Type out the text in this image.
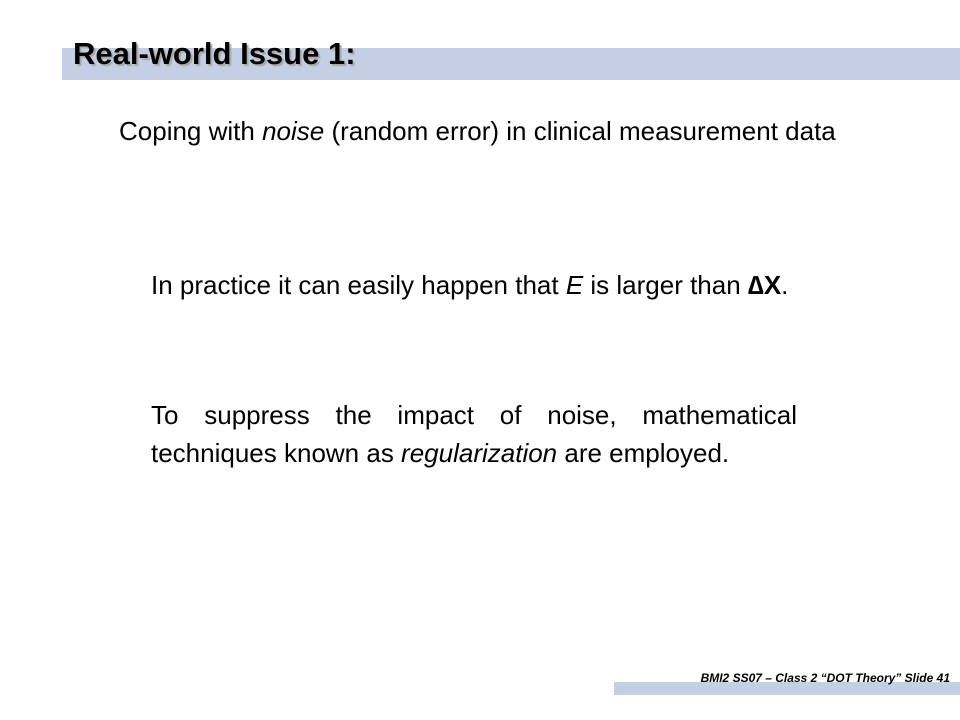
Real-world Issue 1:

Coping with noise (random error) in clinical measurement data

In practice it can easily happen that E is larger than ∆X.

To suppress the impact of noise, mathematical techniques known as regularization are employed.

BMI2 SS07 – Class 2 “DOT Theory” Slide 41
